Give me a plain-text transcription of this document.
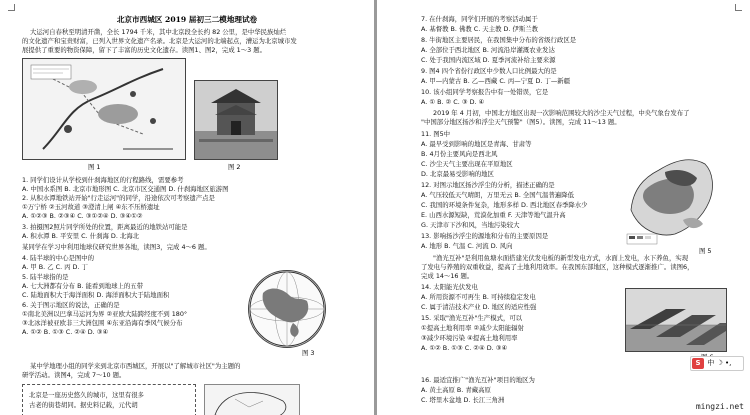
北京市西城区 2019 届初三二模地理试卷
大运河自春秋至明清开凿，全长 1794 千米，其中北京段全长约 82 公里，是中华民族灿烂
的文化遗产和宝贵财富，已列入世界文化遗产名录。北京是大运河的北端起点，漕运为北京城市发
展提供了重要的物资保障，留下了丰富的历史文化遗存。读图1、图2，完成 1～3 题。
图 1	图 2
1. 同学们设计从学校到什刹海地区的行程路线，需要参考
A. 中国水系图 B. 北京市地形图 C. 北京市区交通图 D. 什刹海地区旅游图
2. 从积水潭地铁站开始"行走运河"的同学，沿途依次可考察遗产点是
①万宁桥 ②玉河故道 ③澄清上闸 ④东不压桥遗址
A. ①②③ B. ②③④ C. ③①②④ D. ③④①②
3. 拍摄图2照片同学所处的位置，距离最近的地铁站可能是
A. 积水潭 B. 平安里 C. 什刹海 D. 北海北
某同学在学习中利用地球仪研究世界各地，读图3，完成 4～6 题。
4. 陆半球的中心是图中的
A. 甲 B. 乙 C. 丙 D. 丁
5. 陆半球指的是
A. 七大洲都有分布 B. 能看到地球上的五带
C. 陆地面积大于海洋面积 D. 海洋面积大于陆地面积
6. 关于图示地区的说法，正确的是
①南北美洲以巴拿马运河为界 ②亚欧大陆跨经度不到 180°
③北冰洋被亚欧非三大洲包围 ④东亚沿海有季风气候分布
A. ①② B. ①③ C. ②④ D. ③④
图 3
某中学地理小组的同学来到北京市西城区，开展以"了解城市社区"为主题的
研学活动。读图4，完成 7～10 题。
北京是一座历史悠久的城市，这里有很多
古老的街巷胡同。据史料记载，元代胡
7. 在什刹海，同学们开展的考察活动属于
A. 基督教 B. 佛教 C. 天主教 D. 伊斯兰教
8. 牛街地区主要居民，在我国集中分布的省级行政区是
A. 全部位于西北地区 B. 河流沿岸灌溉农业发达
C. 处于我国内流区域 D. 夏季河流补给主要来源
9. 图4 四个省份行政区中少数人口比例最大的是
A. 甲—内蒙古 B. 乙—西藏 C. 丙—宁夏 D. 丁—新疆
10. 该小组同学考察报告中有一处错误，它是
A. ① B. ② C. ③ D. ④
2019 年 4 月初，中国北方地区出现一次影响范围较大的沙尘天气过程，中央气象台发布了
"中国部分地区扬沙和浮尘天气预警"（图5）。读图，完成 11～13 题。
11. 图5中
A. 最早受到影响的地区是青海、甘肃等
B. 4月份主要风向是西北风
C. 沙尘天气主要出现在平原地区
D. 北京最易受影响的地区
12. 对图示地区扬沙浮尘的分析，描述正确的是
A. 气压较低天气晴朗，万里无云 B. 全国气温普遍降低
C. 我国的环境条件复杂，地形多样 D. 西北地区春季降水少
E. 山西水源短缺，荒漠化加重 F. 天津等地气温升高
G. 天津市下沙和风，当地污染较大
13. 影响扬沙浮尘的源地和分布的主要原因是
A. 地形 B. 气温 C. 河流 D. 风向
图 5
"渔光互补"是利用鱼塘水面搭建光伏发电板的新型发电方式，水面上发电，水下养鱼，实现
了发电与养殖的双重收益，提高了土地利用效率。在我国东部地区，这种模式逐渐推广。读图6，
完成 14～16 题。
14. 太阳能光伏发电
A. 所用资源不可再生 B. 可持续稳定发电
C. 属于清洁技术产业 D. 地区的适应性强
15. 采取"渔光互补"生产模式，可以
①提高土地利用率 ②减少太阳能辐射
③减少环境污染 ④提高土地利用率
A. ①② B. ①③ C. ②④ D. ③④
16. 最适宜推广"渔光互补"项目的地区为
A. 黄土高原 B. 青藏高原
C. 塔里木盆地 D. 长江三角洲
S 中 ☽ •,
mingzi.net
